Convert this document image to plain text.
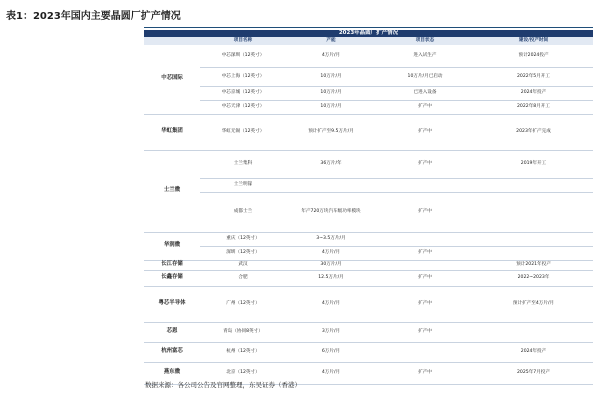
表1：2023年国内主要晶圆厂扩产情况
2023年晶圆厂扩产情况				
	项目名称	产能	项目状态	建设/投产时间
中芯国际	中芯深圳（12英寸）	4万片/月	进入试生产	预计2024投产
	中芯上海（12英寸）	10万片/月	10万片/月已启动	2022年5月开工
	中芯京城（12英寸）	10万片/月	已进入设备	2024年投产
	中芯天津（12英寸）	10万片/月	扩产中	2022年8月开工
华虹集团	华虹无锡（12英寸）	预计扩产至9.5万片/月	扩产中	2023年扩产完成
士兰微	士兰集科	36万片/年	扩产中	2019年开工
	士兰明镓			
	成都士兰	年产720万块汽车级功率模块	扩产中	
华润微	重庆（12英寸）	3~3.5万片/月		
	深圳（12英寸）	4万片/月	扩产中	
长江存储	武汉	30万片/月		预计2021年投产
长鑫存储	合肥	12.5万片/月	扩产中	2022~2023年
粤芯半导体	广州（12英寸）	4万片/月	扩产中	预计扩产至4万片/月
芯恩	青岛（协同8英寸）	3万片/月	扩产中	
杭州富芯	杭州（12英寸）	6万片/月		2024年投产
燕东微	北京（12英寸）	4万片/月	扩产中	2025年7月投产
数据来源：各公司公告及官网整理，东吴证券（香港）
